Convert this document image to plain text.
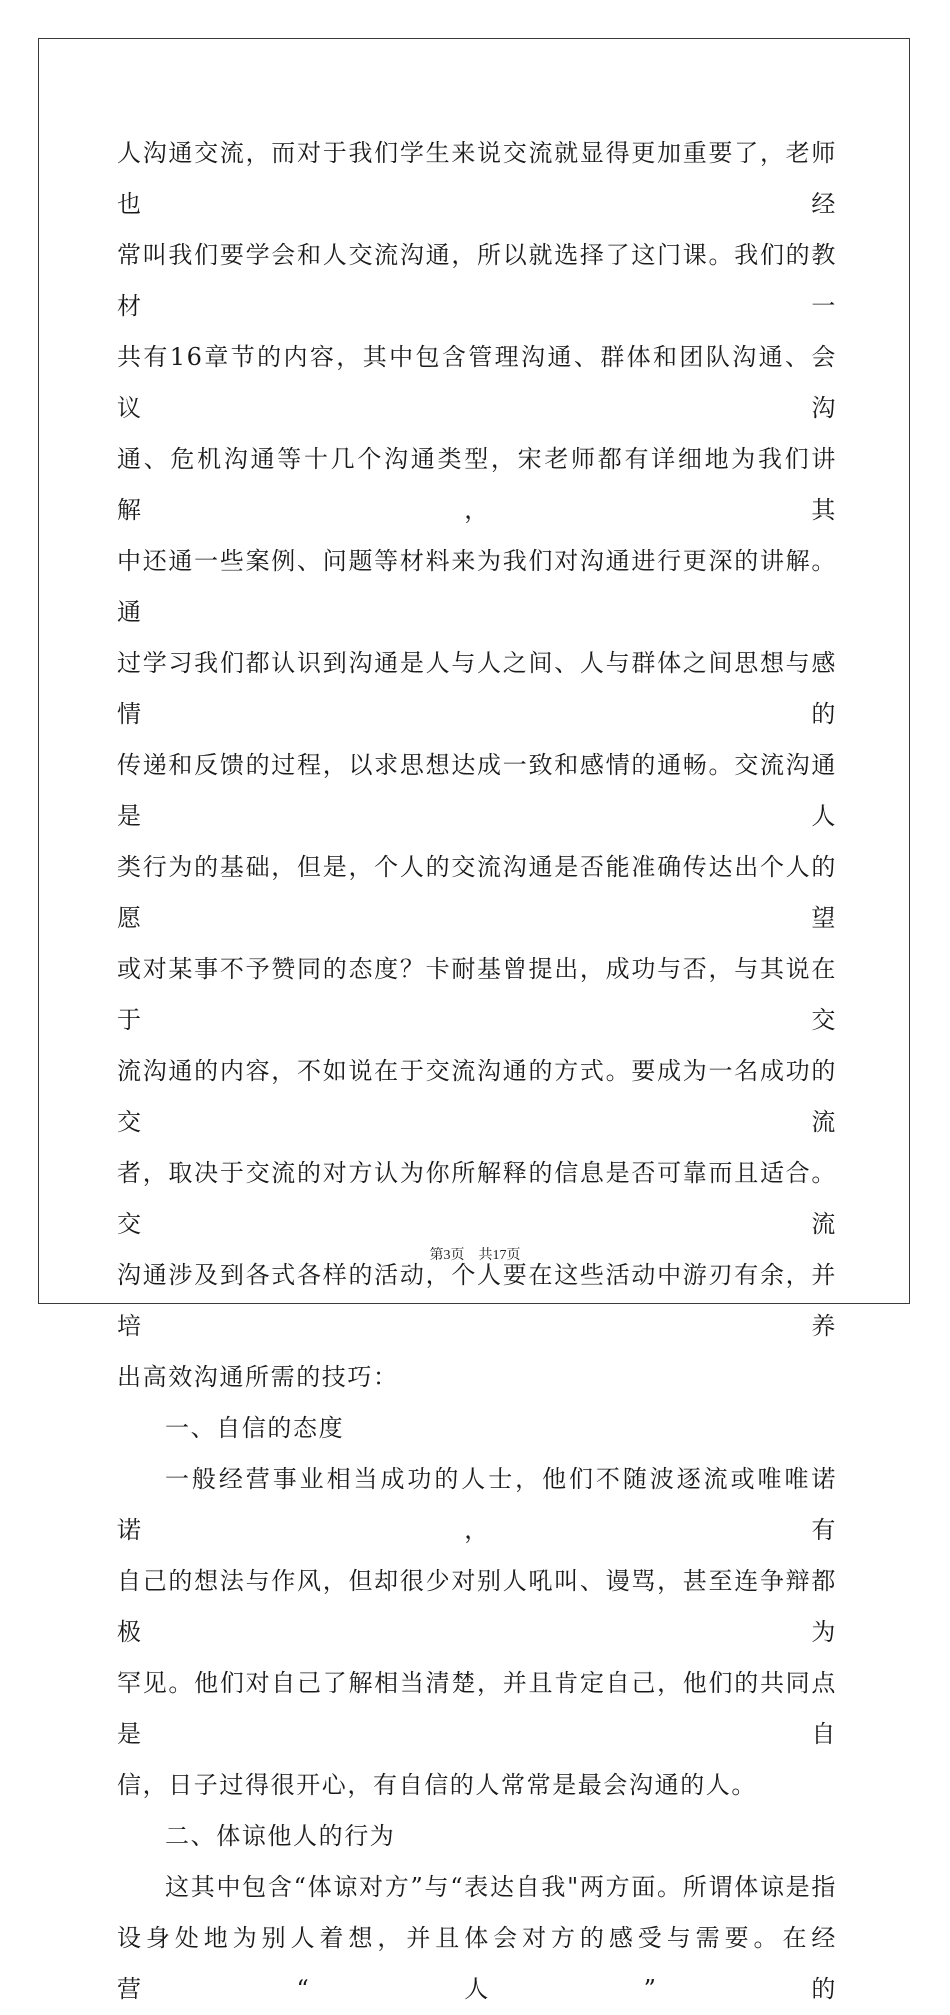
人沟通交流，而对于我们学生来说交流就显得更加重要了，老师也经

常叫我们要学会和人交流沟通，所以就选择了这门课。我们的教材一

共有16章节的内容，其中包含管理沟通、群体和团队沟通、会议沟

通、危机沟通等十几个沟通类型，宋老师都有详细地为我们讲解，其

中还通一些案例、问题等材料来为我们对沟通进行更深的讲解。 通

过学习我们都认识到沟通是人与人之间、人与群体之间思想与感情的

传递和反馈的过程，以求思想达成一致和感情的通畅。交流沟通是人

类行为的基础，但是，个人的交流沟通是否能准确传达出个人的愿望

或对某事不予赞同的态度？卡耐基曾提出，成功与否，与其说在于交

流沟通的内容，不如说在于交流沟通的方式。要成为一名成功的交流

者，取决于交流的对方认为你所解释的信息是否可靠而且适合。交流

沟通涉及到各式各样的活动，个人要在这些活动中游刃有余，并培养

出高效沟通所需的技巧：

一、自信的态度

一般经营事业相当成功的人士，他们不随波逐流或唯唯诺诺，有

自己的想法与作风，但却很少对别人吼叫、谩骂，甚至连争辩都极为

罕见。他们对自己了解相当清楚，并且肯定自己，他们的共同点是自

信，日子过得很开心，有自信的人常常是最会沟通的人。

二、体谅他人的行为

这其中包含“体谅对方”与“表达自我"两方面。所谓体谅是指

设身处地为别人着想，并且体会对方的感受与需要。在经营“人”的

第3页 共17页
